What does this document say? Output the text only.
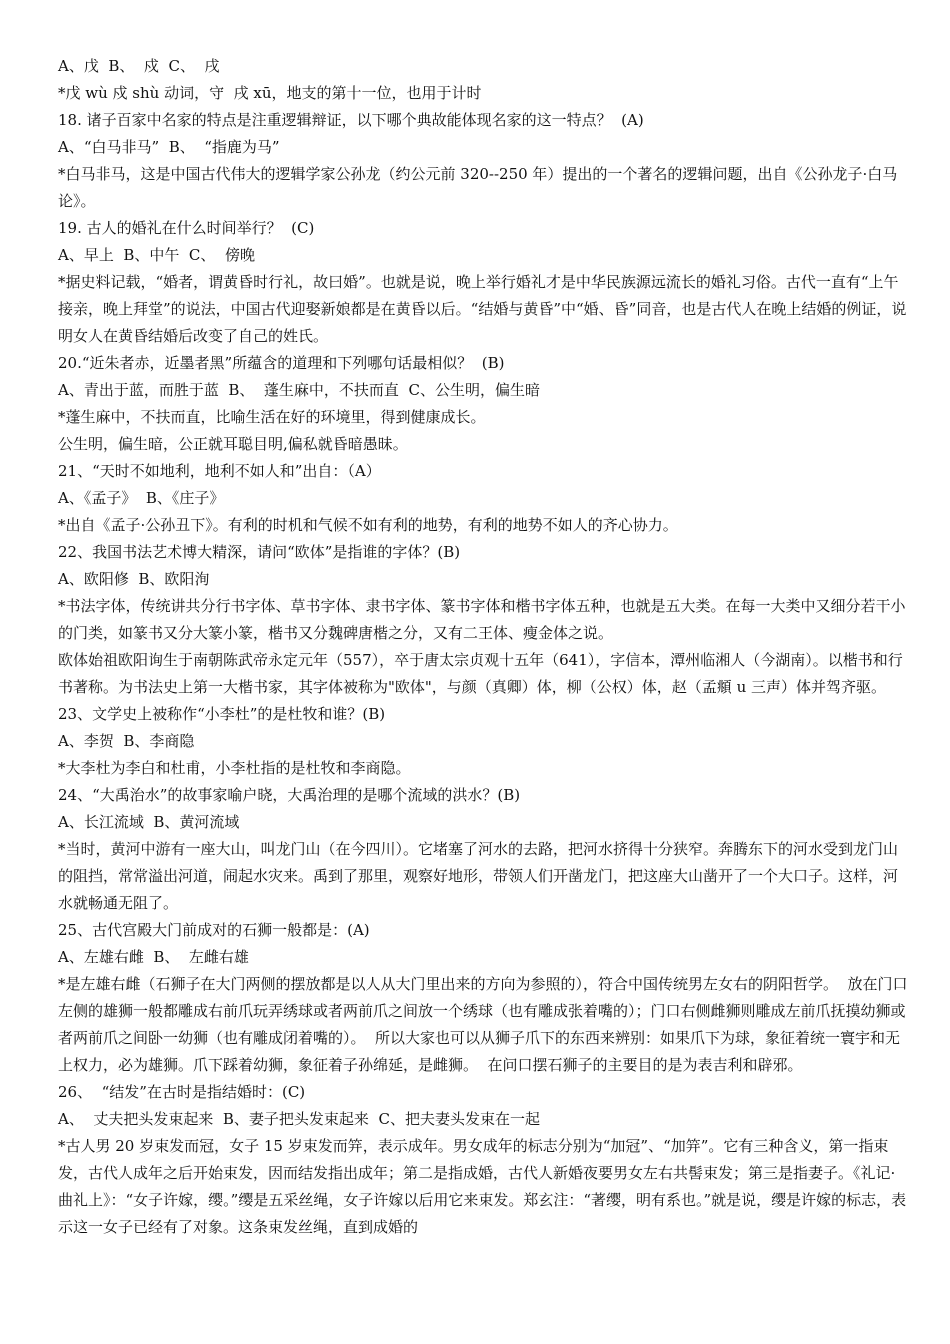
A、戊  B、  戍  C、  戌

*戊 wù 戍 shù 动词，守  戌 xū，地支的第十一位，也用于计时

18. 诸子百家中名家的特点是注重逻辑辩证，以下哪个典故能体现名家的这一特点？  (A)

A、“白马非马”  B、  “指鹿为马”

*白马非马，这是中国古代伟大的逻辑学家公孙龙（约公元前 320--250 年）提出的一个著名的逻辑问题，出自《公孙龙子·白马论》。

19. 古人的婚礼在什么时间举行？  (C)

A、早上  B、中午  C、  傍晚

*据史料记载，“婚者，谓黄昏时行礼，故曰婚”。也就是说，晚上举行婚礼才是中华民族源远流长的婚礼习俗。古代一直有“上午接亲，晚上拜堂”的说法，中国古代迎娶新娘都是在黄昏以后。“结婚与黄昏”中“婚、昏”同音，也是古代人在晚上结婚的例证，说明女人在黄昏结婚后改变了自己的姓氏。

20.“近朱者赤，近墨者黑”所蕴含的道理和下列哪句话最相似？  (B)

A、青出于蓝，而胜于蓝  B、  蓬生麻中，不扶而直  C、公生明，偏生暗

*蓬生麻中，不扶而直，比喻生活在好的环境里，得到健康成长。

公生明，偏生暗，公正就耳聪目明,偏私就昏暗愚昧。

21、“天时不如地利，地利不如人和”出自：（A）

A、《孟子》  B、《庄子》

*出自《孟子·公孙丑下》。有利的时机和气候不如有利的地势，有利的地势不如人的齐心协力。

22、我国书法艺术博大精深，请问“欧体”是指谁的字体？(B)

A、欧阳修  B、欧阳洵

*书法字体，传统讲共分行书字体、草书字体、隶书字体、篆书字体和楷书字体五种，也就是五大类。在每一大类中又细分若干小的门类，如篆书又分大篆小篆，楷书又分魏碑唐楷之分，又有二王体、瘦金体之说。

欧体始祖欧阳询生于南朝陈武帝永定元年（557），卒于唐太宗贞观十五年（641），字信本，潭州临湘人（今湖南）。以楷书和行书著称。为书法史上第一大楷书家，其字体被称为"欧体"，与颜（真卿）体，柳（公权）体，赵（孟頫 u 三声）体并驾齐驱。

23、文学史上被称作“小李杜”的是杜牧和谁？(B)

A、李贺  B、李商隐

*大李杜为李白和杜甫，小李杜指的是杜牧和李商隐。

24、“大禹治水”的故事家喻户晓，大禹治理的是哪个流域的洪水？(B)

A、长江流域  B、黄河流域

*当时，黄河中游有一座大山，叫龙门山（在今四川）。它堵塞了河水的去路，把河水挤得十分狭窄。奔腾东下的河水受到龙门山的阻挡，常常溢出河道，闹起水灾来。禹到了那里，观察好地形，带领人们开凿龙门，把这座大山凿开了一个大口子。这样，河水就畅通无阻了。

25、古代宫殿大门前成对的石狮一般都是：(A)

A、左雄右雌  B、  左雌右雄

*是左雄右雌（石狮子在大门两侧的摆放都是以人从大门里出来的方向为参照的），符合中国传统男左女右的阴阳哲学。  放在门口左侧的雄狮一般都雕成右前爪玩弄绣球或者两前爪之间放一个绣球（也有雕成张着嘴的）；门口右侧雌狮则雕成左前爪抚摸幼狮或者两前爪之间卧一幼狮（也有雕成闭着嘴的）。  所以大家也可以从狮子爪下的东西来辨别：如果爪下为球，象征着统一寰宇和无上权力，必为雄狮。爪下踩着幼狮，象征着子孙绵延，是雌狮。  在问口摆石狮子的主要目的是为表吉利和辟邪。

26、  “结发”在古时是指结婚时：(C)

A、  丈夫把头发束起来  B、妻子把头发束起来  C、把夫妻头发束在一起

*古人男 20 岁束发而冠，女子 15 岁束发而笄，表示成年。男女成年的标志分别为“加冠”、“加笄”。它有三种含义，第一指束发，古代人成年之后开始束发，因而结发指出成年；第二是指成婚，古代人新婚夜要男女左右共髻束发；第三是指妻子。《礼记·曲礼上》：“女子许嫁，缨。”缨是五采丝绳，女子许嫁以后用它来束发。郑玄注：“著缨，明有系也。”就是说，缨是许嫁的标志，表示这一女子已经有了对象。这条束发丝绳，直到成婚的
